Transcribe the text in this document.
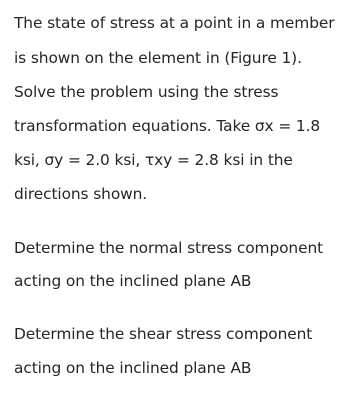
The state of stress at a point in a member
is shown on the element in (Figure 1).
Solve the problem using the stress
transformation equations. Take σx = 1.8
ksi, σy = 2.0 ksi, τxy = 2.8 ksi in the
directions shown.
Determine the normal stress component
acting on the inclined plane AB
Determine the shear stress component
acting on the inclined plane AB
